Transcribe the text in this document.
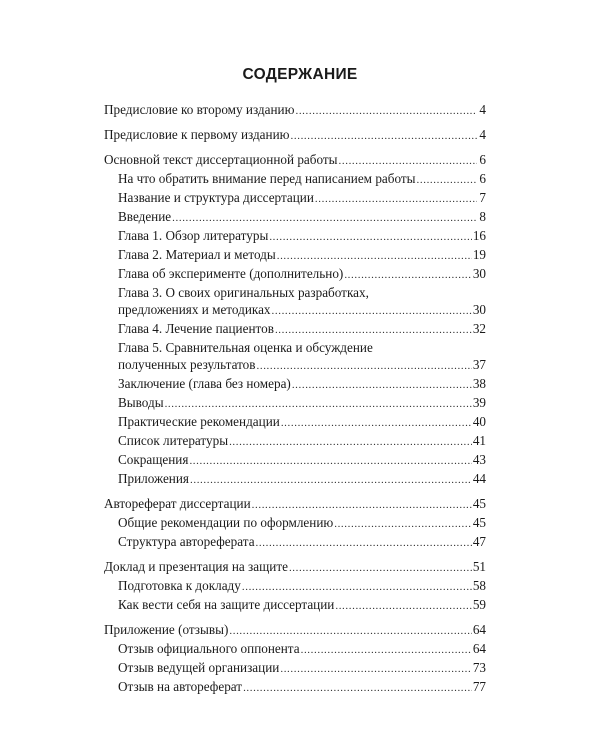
СОДЕРЖАНИЕ
Предисловие ко второму изданию .....	4
Предисловие к первому изданию .....	4
Основной текст диссертационной работы .....	6
На что обратить внимание перед написанием работы .....	6
Название и структура диссертации .....	7
Введение .....	8
Глава 1. Обзор литературы .....	16
Глава 2. Материал и методы .....	19
Глава об эксперименте (дополнительно) .....	30
Глава 3. О своих оригинальных разработках,
предложениях и методиках .....	30
Глава 4. Лечение пациентов .....	32
Глава 5. Сравнительная оценка и обсуждение
полученных результатов .....	37
Заключение (глава без номера) .....	38
Выводы .....	39
Практические рекомендации .....	40
Список литературы .....	41
Сокращения .....	43
Приложения .....	44
Автореферат диссертации .....	45
Общие рекомендации по оформлению .....	45
Структура автореферата .....	47
Доклад и презентация на защите .....	51
Подготовка к докладу .....	58
Как вести себя на защите диссертации .....	59
Приложение (отзывы) .....	64
Отзыв официального оппонента .....	64
Отзыв ведущей организации .....	73
Отзыв на автореферат .....	77
